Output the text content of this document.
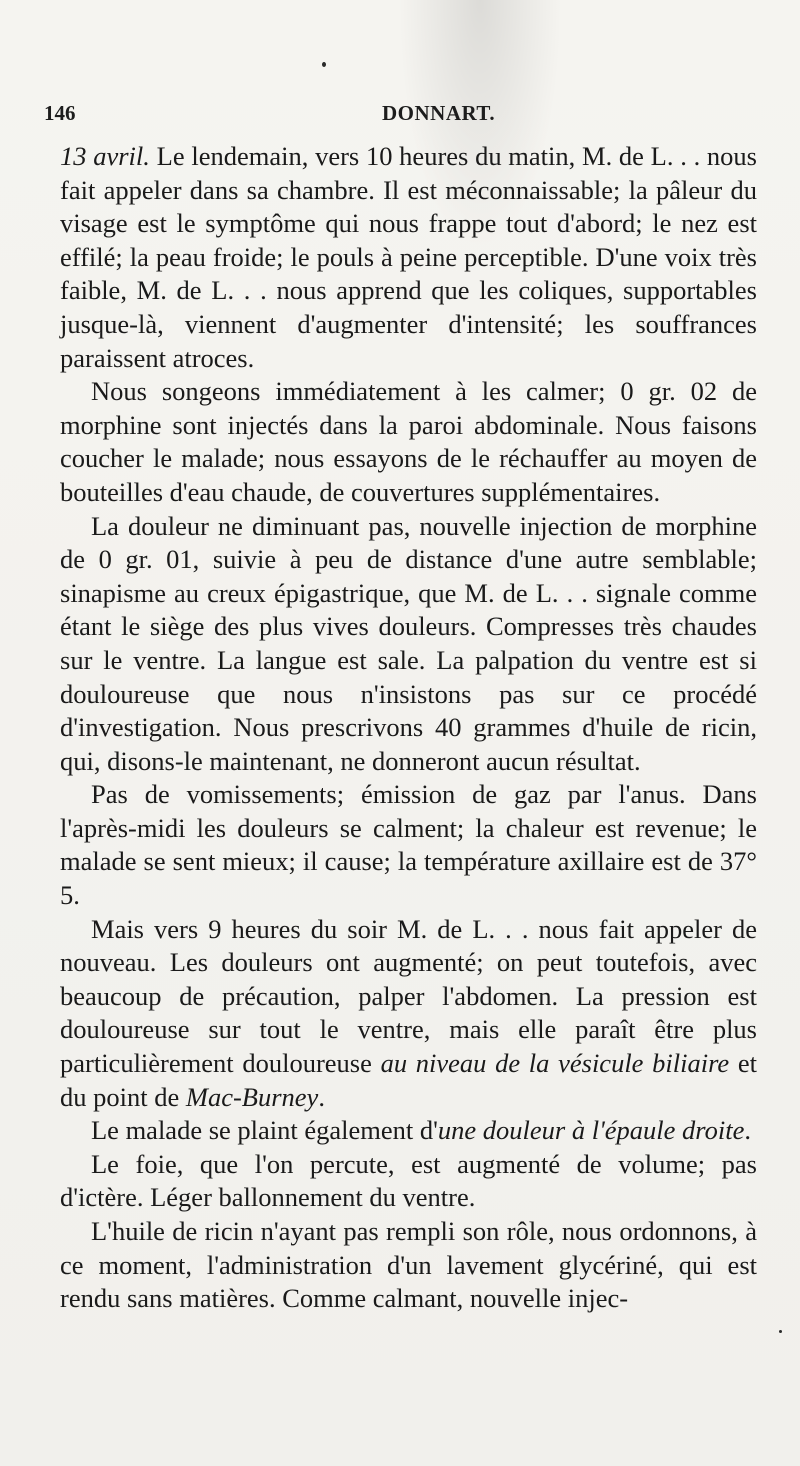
146	DONNART.

13 avril. Le lendemain, vers 10 heures du matin, M. de L. . . nous fait appeler dans sa chambre. Il est méconnaissable; la pâleur du visage est le symptôme qui nous frappe tout d'abord; le nez est effilé; la peau froide; le pouls à peine perceptible. D'une voix très faible, M. de L. . . nous apprend que les coliques, supportables jusque-là, viennent d'augmenter d'intensité; les souffrances paraissent atroces.

Nous songeons immédiatement à les calmer; 0 gr. 02 de morphine sont injectés dans la paroi abdominale. Nous faisons coucher le malade; nous essayons de le réchauffer au moyen de bouteilles d'eau chaude, de couvertures supplémentaires.

La douleur ne diminuant pas, nouvelle injection de morphine de 0 gr. 01, suivie à peu de distance d'une autre semblable; sinapisme au creux épigastrique, que M. de L. . . signale comme étant le siège des plus vives douleurs. Compresses très chaudes sur le ventre. La langue est sale. La palpation du ventre est si douloureuse que nous n'insistons pas sur ce procédé d'investigation. Nous prescrivons 40 grammes d'huile de ricin, qui, disons-le maintenant, ne donneront aucun résultat.

Pas de vomissements; émission de gaz par l'anus. Dans l'après-midi les douleurs se calment; la chaleur est revenue; le malade se sent mieux; il cause; la température axillaire est de 37° 5.

Mais vers 9 heures du soir M. de L. . . nous fait appeler de nouveau. Les douleurs ont augmenté; on peut toutefois, avec beaucoup de précaution, palper l'abdomen. La pression est douloureuse sur tout le ventre, mais elle paraît être plus particulièrement douloureuse au niveau de la vésicule biliaire et du point de Mac-Burney.

Le malade se plaint également d'une douleur à l'épaule droite.

Le foie, que l'on percute, est augmenté de volume; pas d'ictère. Léger ballonnement du ventre.

L'huile de ricin n'ayant pas rempli son rôle, nous ordonnons, à ce moment, l'administration d'un lavement glycériné, qui est rendu sans matières. Comme calmant, nouvelle injec-
